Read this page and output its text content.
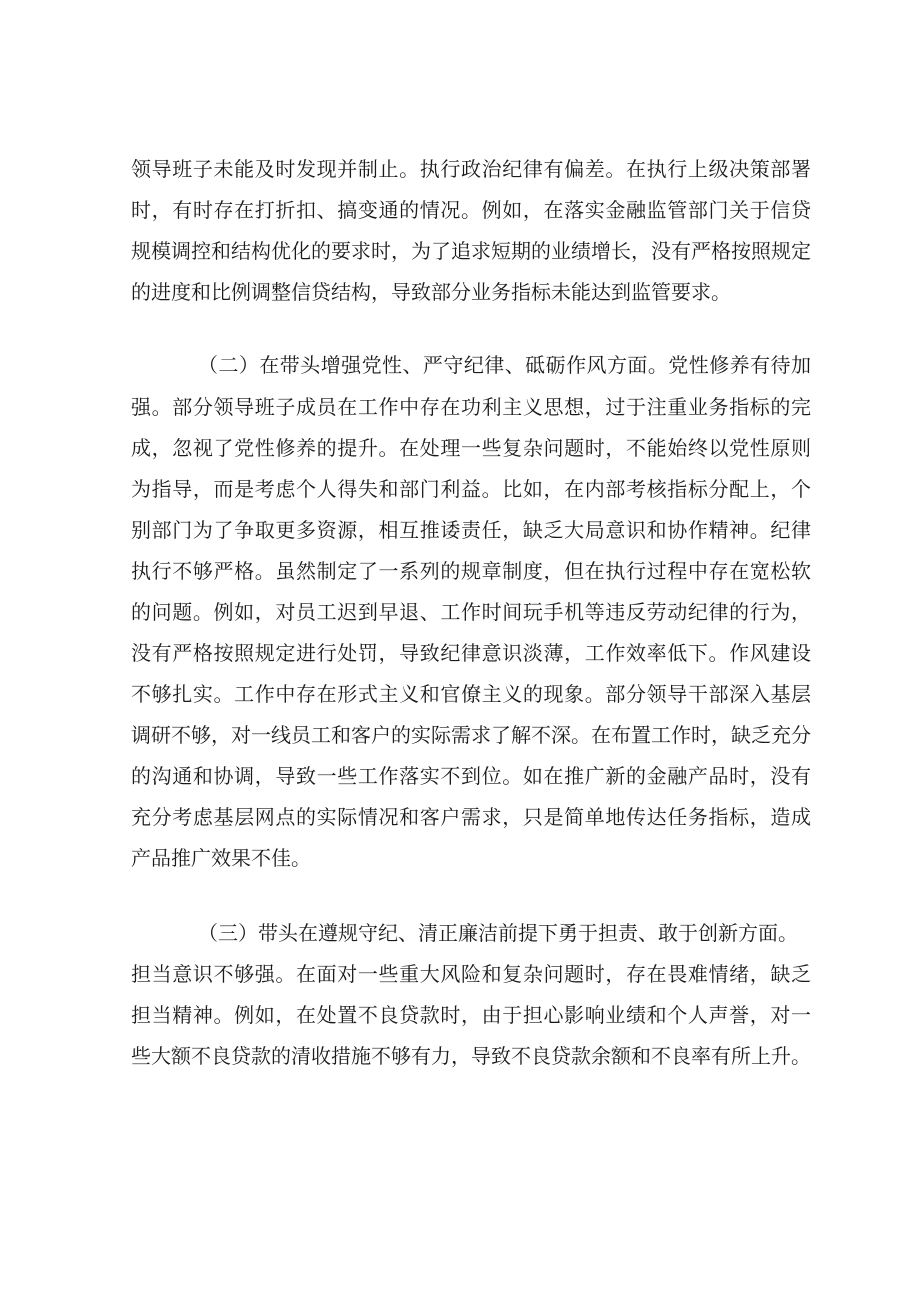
领导班子未能及时发现并制止。执行政治纪律有偏差。在执行上级决策部署
时，有时存在打折扣、搞变通的情况。例如，在落实金融监管部门关于信贷
规模调控和结构优化的要求时，为了追求短期的业绩增长，没有严格按照规定
的进度和比例调整信贷结构，导致部分业务指标未能达到监管要求。
（二）在带头增强党性、严守纪律、砥砺作风方面。党性修养有待加
强。部分领导班子成员在工作中存在功利主义思想，过于注重业务指标的完
成，忽视了党性修养的提升。在处理一些复杂问题时，不能始终以党性原则
为指导，而是考虑个人得失和部门利益。比如，在内部考核指标分配上，个
别部门为了争取更多资源，相互推诿责任，缺乏大局意识和协作精神。纪律
执行不够严格。虽然制定了一系列的规章制度，但在执行过程中存在宽松软
的问题。例如，对员工迟到早退、工作时间玩手机等违反劳动纪律的行为，
没有严格按照规定进行处罚，导致纪律意识淡薄，工作效率低下。作风建设
不够扎实。工作中存在形式主义和官僚主义的现象。部分领导干部深入基层
调研不够，对一线员工和客户的实际需求了解不深。在布置工作时，缺乏充分
的沟通和协调，导致一些工作落实不到位。如在推广新的金融产品时，没有
充分考虑基层网点的实际情况和客户需求，只是简单地传达任务指标，造成
产品推广效果不佳。
（三）带头在遵规守纪、清正廉洁前提下勇于担责、敢于创新方面。
担当意识不够强。在面对一些重大风险和复杂问题时，存在畏难情绪，缺乏
担当精神。例如，在处置不良贷款时，由于担心影响业绩和个人声誉，对一
些大额不良贷款的清收措施不够有力，导致不良贷款余额和不良率有所上升。
